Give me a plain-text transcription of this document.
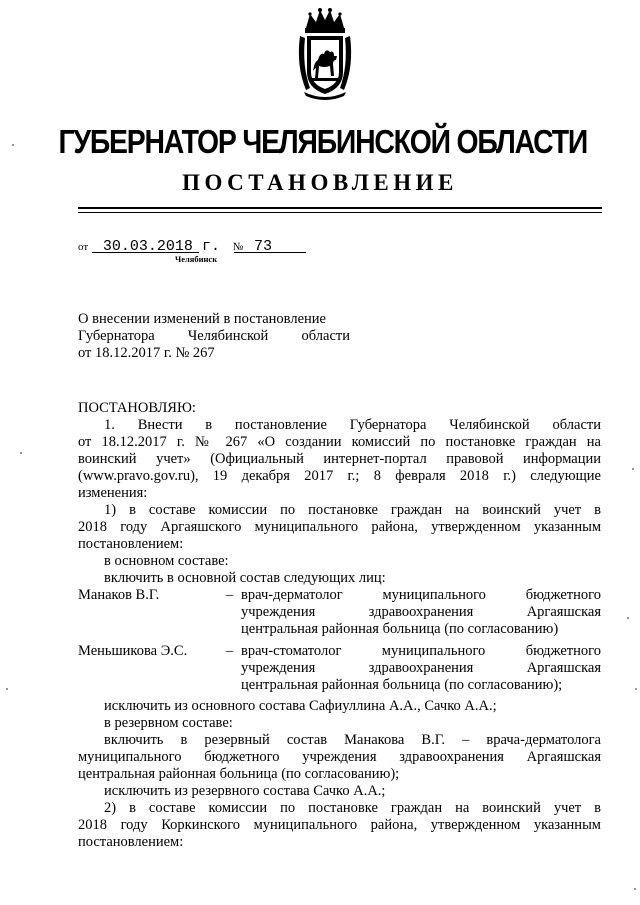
ГУБЕРНАТОР ЧЕЛЯБИНСКОЙ ОБЛАСТИ
ПОСТАНОВЛЕНИЕ
от 30.03.2018 г. № 73
Челябинск
О внесении изменений в постановление
Губернатора Челябинской области
от 18.12.2017 г. № 267
ПОСТАНОВЛЯЮ:
1. Внести в постановление Губернатора Челябинской области
от 18.12.2017 г. № 267 «О создании комиссий по постановке граждан на
воинский учет» (Официальный интернет-портал правовой информации
(www.pravo.gov.ru), 19 декабря 2017 г.; 8 февраля 2018 г.) следующие
изменения:
1) в составе комиссии по постановке граждан на воинский учет в
2018 году Аргаяшского муниципального района, утвержденном указанным
постановлением:
в основном составе:
включить в основной состав следующих лиц:
Манаков В.Г.	– врач-дерматолог муниципального бюджетного
учреждения здравоохранения Аргаяшская
центральная районная больница (по согласованию)
Меньшикова Э.С.	– врач-стоматолог муниципального бюджетного
учреждения здравоохранения Аргаяшская
центральная районная больница (по согласованию);
исключить из основного состава Сафиуллина А.А., Сачко А.А.;
в резервном составе:
включить в резервный состав Манакова В.Г. – врача-дерматолога
муниципального бюджетного учреждения здравоохранения Аргаяшская
центральная районная больница (по согласованию);
исключить из резервного состава Сачко А.А.;
2) в составе комиссии по постановке граждан на воинский учет в
2018 году Коркинского муниципального района, утвержденном указанным
постановлением:
